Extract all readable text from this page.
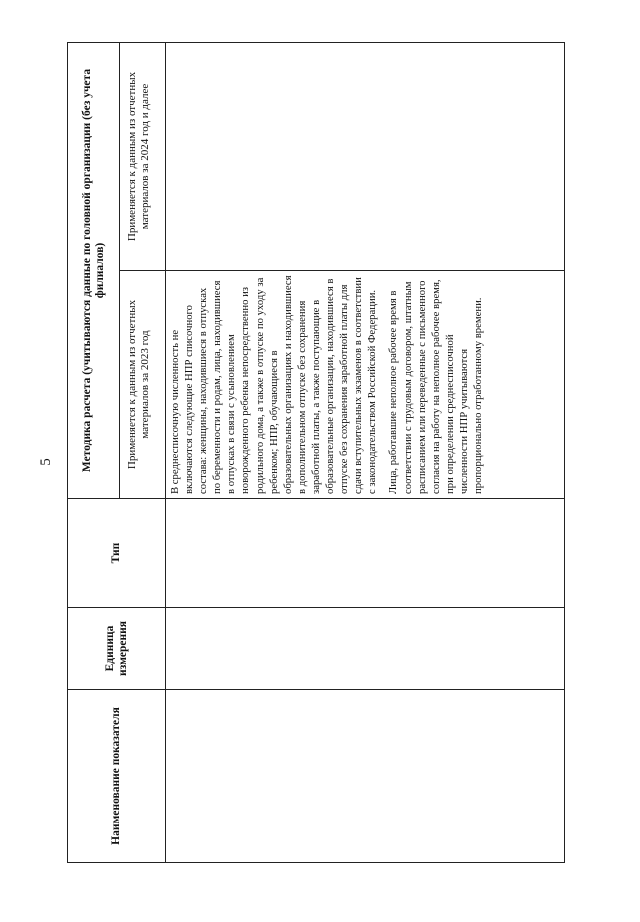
5
Наименование показателя	Единица измерения	Тип	Методика расчета (учитываются данные по головной организации (без учета филиалов)	
			Применяется к данным из отчетных материалов за 2023 год	Применяется к данным из отчетных материалов за 2024 год и далее

			В среднесписочную численность не включаются следующие НПР списочного состава: женщины, находившиеся в отпусках по беременности и родам, лица, находившиеся в отпусках в связи с усыновлением новорожденного ребенка непосредственно из родильного дома, а также в отпуске по уходу за ребенком; НПР, обучающиеся в образовательных организациях и находившиеся в дополнительном отпуске без сохранения заработной платы, а также поступающие в образовательные организации, находившиеся в отпуске без сохранения заработной платы для сдачи вступительных экзаменов в соответствии с законодательством Российской Федерации. Лица, работавшие неполное рабочее время в соответствии с трудовым договором, штатным расписанием или переведенные с письменного согласия на работу на неполное рабочее время, при определении среднесписочной численности НПР учитываются пропорционально отработанному времени.	
